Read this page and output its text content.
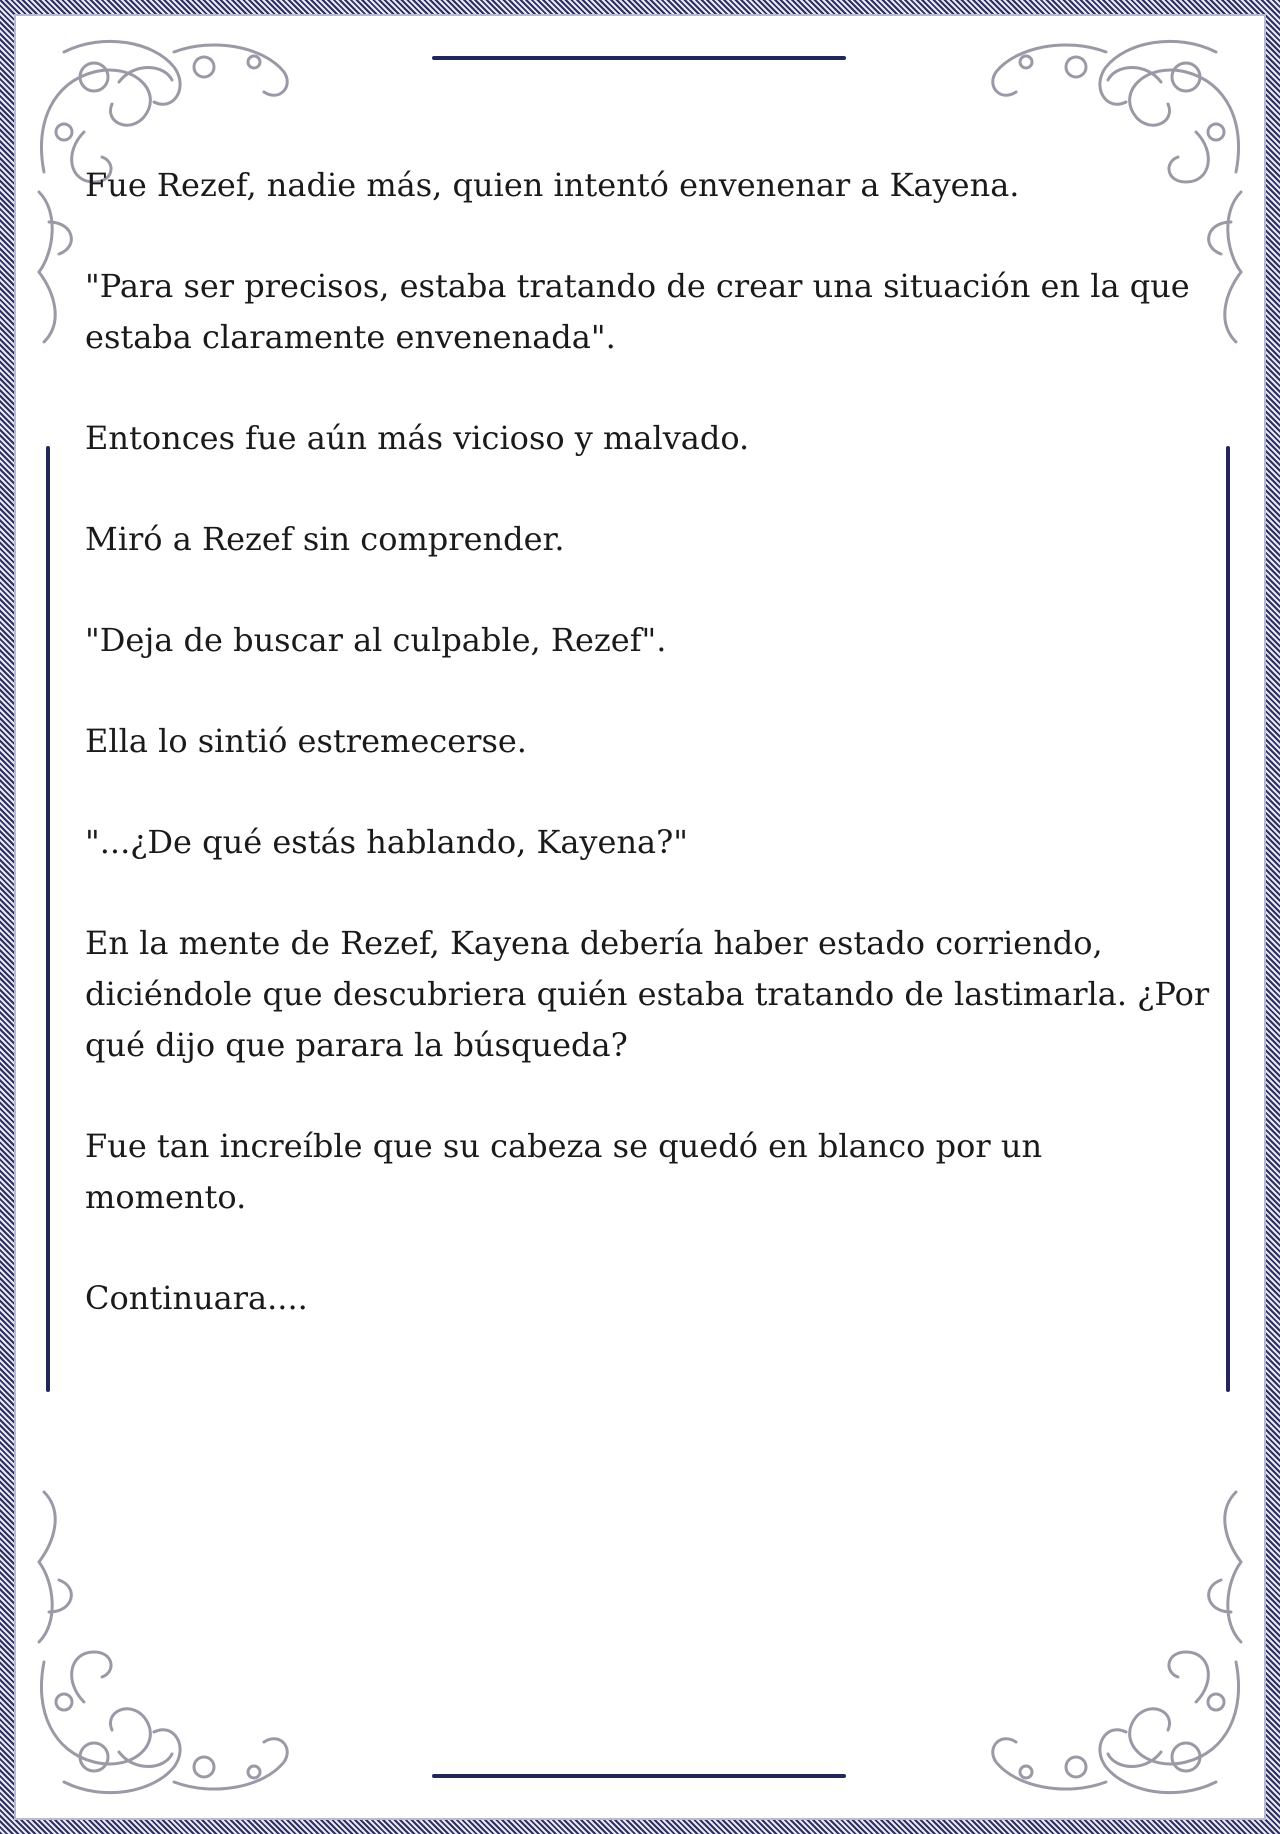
Fue Rezef, nadie más, quien intentó envenenar a Kayena.

"Para ser precisos, estaba tratando de crear una situación en la que estaba claramente envenenada".

Entonces fue aún más vicioso y malvado.

Miró a Rezef sin comprender.

"Deja de buscar al culpable, Rezef".

Ella lo sintió estremecerse.

"...¿De qué estás hablando, Kayena?"

En la mente de Rezef, Kayena debería haber estado corriendo, diciéndole que descubriera quién estaba tratando de lastimarla. ¿Por qué dijo que parara la búsqueda?

Fue tan increíble que su cabeza se quedó en blanco por un momento.

Continuara....
